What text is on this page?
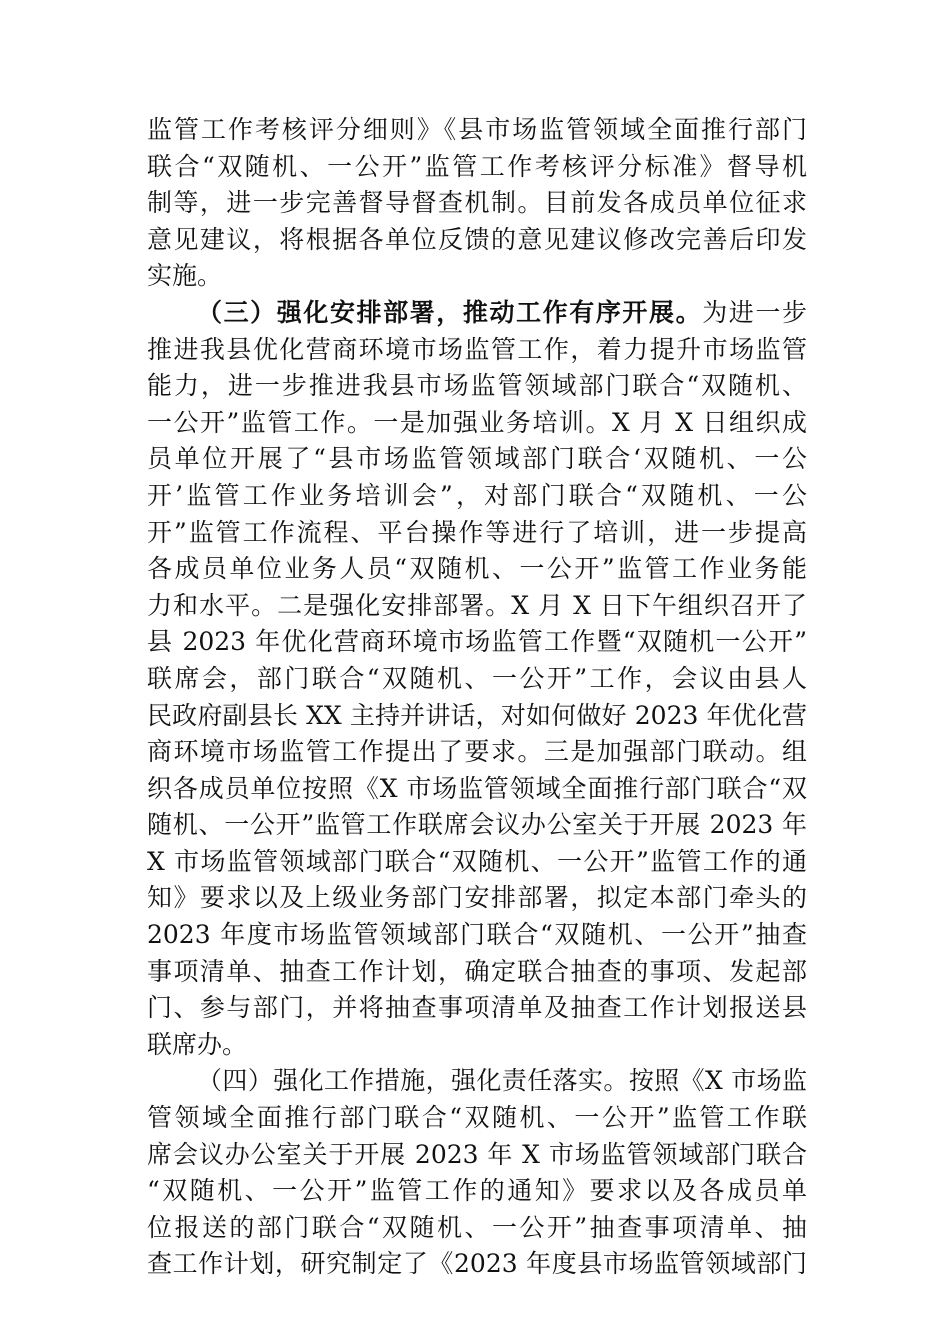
监管工作考核评分细则》《县市场监管领域全面推行部门
联合“双随机、一公开”监管工作考核评分标准》督导机
制等，进一步完善督导督查机制。目前发各成员单位征求
意见建议，将根据各单位反馈的意见建议修改完善后印发
实施。
（三）强化安排部署，推动工作有序开展。为进一步
推进我县优化营商环境市场监管工作，着力提升市场监管
能力，进一步推进我县市场监管领域部门联合“双随机、
一公开”监管工作。一是加强业务培训。X 月 X 日组织成
员单位开展了“县市场监管领域部门联合‘双随机、一公
开’监管工作业务培训会”，对部门联合“双随机、一公
开”监管工作流程、平台操作等进行了培训，进一步提高
各成员单位业务人员“双随机、一公开”监管工作业务能
力和水平。二是强化安排部署。X 月 X 日下午组织召开了
县 2023 年优化营商环境市场监管工作暨“双随机一公开”
联席会，部门联合“双随机、一公开”工作，会议由县人
民政府副县长 XX 主持并讲话，对如何做好 2023 年优化营
商环境市场监管工作提出了要求。三是加强部门联动。组
织各成员单位按照《X 市场监管领域全面推行部门联合“双
随机、一公开”监管工作联席会议办公室关于开展 2023 年
X 市场监管领域部门联合“双随机、一公开”监管工作的通
知》要求以及上级业务部门安排部署，拟定本部门牵头的
2023 年度市场监管领域部门联合“双随机、一公开”抽查
事项清单、抽查工作计划，确定联合抽查的事项、发起部
门、参与部门，并将抽查事项清单及抽查工作计划报送县
联席办。
（四）强化工作措施，强化责任落实。按照《X 市场监
管领域全面推行部门联合“双随机、一公开”监管工作联
席会议办公室关于开展 2023 年 X 市场监管领域部门联合
“双随机、一公开”监管工作的通知》要求以及各成员单
位报送的部门联合“双随机、一公开”抽查事项清单、抽
查工作计划，研究制定了《2023 年度县市场监管领域部门
